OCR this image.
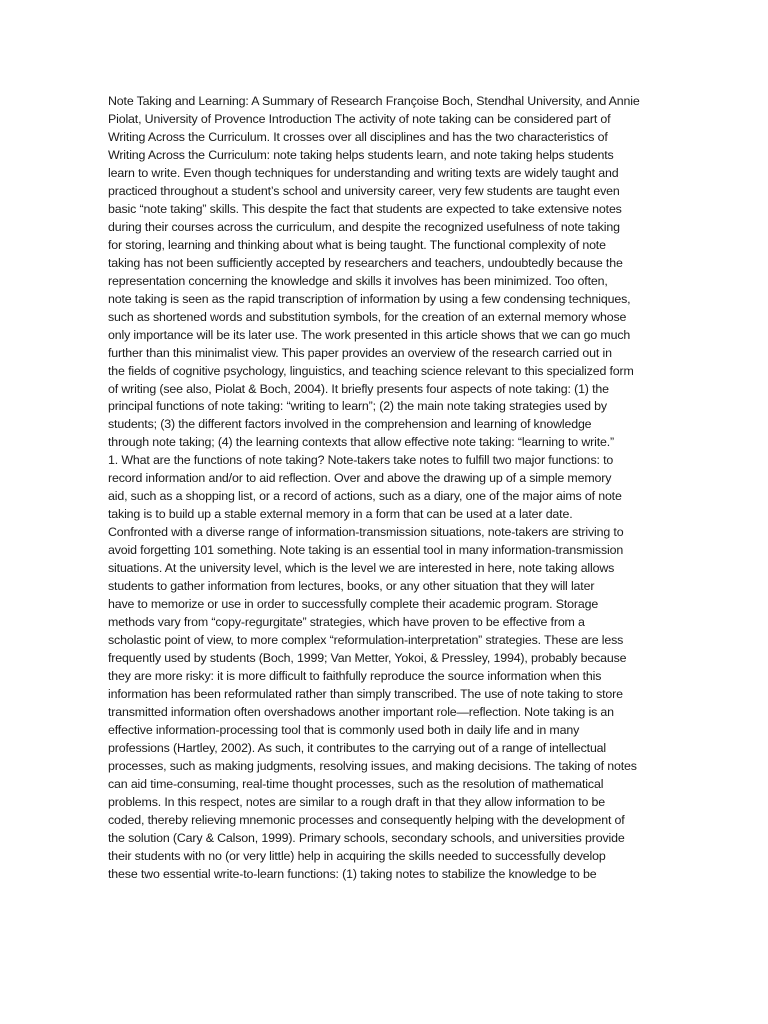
Note Taking and Learning: A Summary of Research Françoise Boch, Stendhal University, and Annie
Piolat, University of Provence Introduction The activity of note taking can be considered part of
Writing Across the Curriculum. It crosses over all disciplines and has the two characteristics of
Writing Across the Curriculum: note taking helps students learn, and note taking helps students
learn to write. Even though techniques for understanding and writing texts are widely taught and
practiced throughout a student’s school and university career, very few students are taught even
basic “note taking” skills. This despite the fact that students are expected to take extensive notes
during their courses across the curriculum, and despite the recognized usefulness of note taking
for storing, learning and thinking about what is being taught. The functional complexity of note
taking has not been sufficiently accepted by researchers and teachers, undoubtedly because the
representation concerning the knowledge and skills it involves has been minimized. Too often,
note taking is seen as the rapid transcription of information by using a few condensing techniques,
such as shortened words and substitution symbols, for the creation of an external memory whose
only importance will be its later use. The work presented in this article shows that we can go much
further than this minimalist view. This paper provides an overview of the research carried out in
the fields of cognitive psychology, linguistics, and teaching science relevant to this specialized form
of writing (see also, Piolat & Boch, 2004). It briefly presents four aspects of note taking: (1) the
principal functions of note taking: “writing to learn”; (2) the main note taking strategies used by
students; (3) the different factors involved in the comprehension and learning of knowledge
through note taking; (4) the learning contexts that allow effective note taking: “learning to write.”
1. What are the functions of note taking? Note-takers take notes to fulfill two major functions: to
record information and/or to aid reflection. Over and above the drawing up of a simple memory
aid, such as a shopping list, or a record of actions, such as a diary, one of the major aims of note
taking is to build up a stable external memory in a form that can be used at a later date.
Confronted with a diverse range of information-transmission situations, note-takers are striving to
avoid forgetting 101 something. Note taking is an essential tool in many information-transmission
situations. At the university level, which is the level we are interested in here, note taking allows
students to gather information from lectures, books, or any other situation that they will later
have to memorize or use in order to successfully complete their academic program. Storage
methods vary from “copy-regurgitate” strategies, which have proven to be effective from a
scholastic point of view, to more complex “reformulation-interpretation” strategies. These are less
frequently used by students (Boch, 1999; Van Metter, Yokoi, & Pressley, 1994), probably because
they are more risky: it is more difficult to faithfully reproduce the source information when this
information has been reformulated rather than simply transcribed. The use of note taking to store
transmitted information often overshadows another important role—reflection. Note taking is an
effective information-processing tool that is commonly used both in daily life and in many
professions (Hartley, 2002). As such, it contributes to the carrying out of a range of intellectual
processes, such as making judgments, resolving issues, and making decisions. The taking of notes
can aid time-consuming, real-time thought processes, such as the resolution of mathematical
problems. In this respect, notes are similar to a rough draft in that they allow information to be
coded, thereby relieving mnemonic processes and consequently helping with the development of
the solution (Cary & Calson, 1999). Primary schools, secondary schools, and universities provide
their students with no (or very little) help in acquiring the skills needed to successfully develop
these two essential write-to-learn functions: (1) taking notes to stabilize the knowledge to be
